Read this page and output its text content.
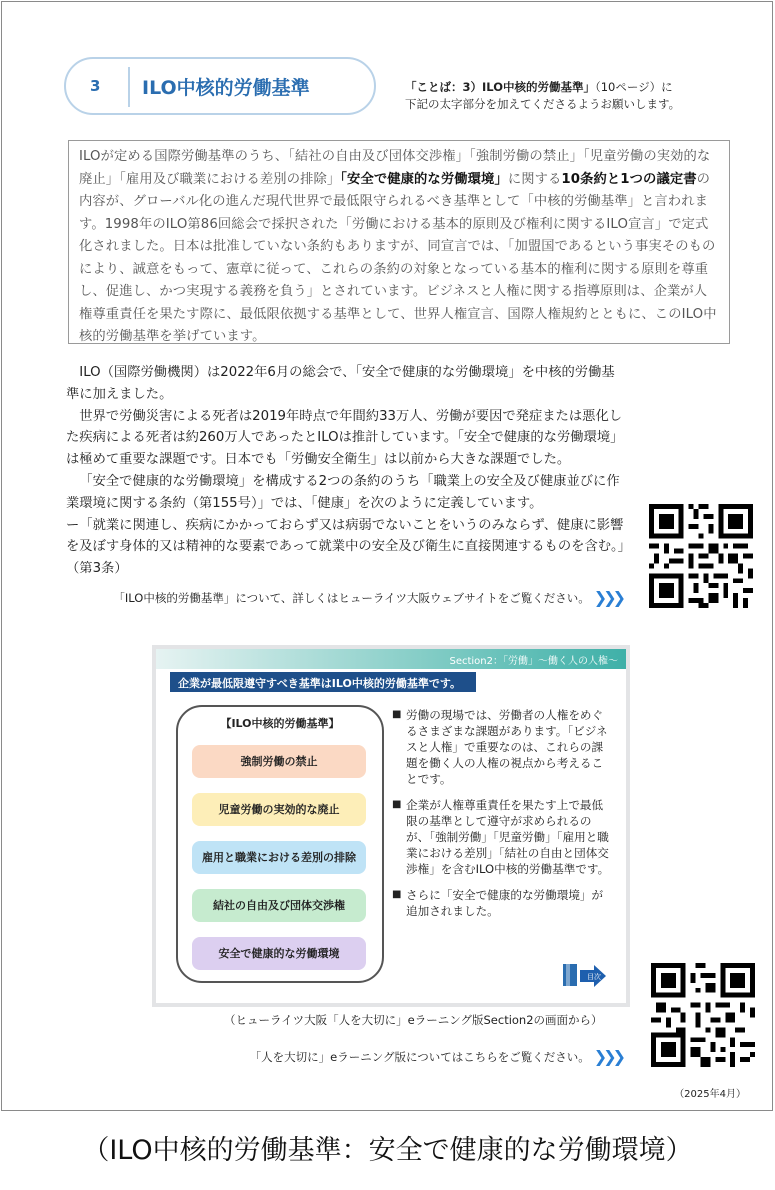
3 ILO中核的労働基準	「ことば：3）ILO中核的労働基準」（10ページ）に
下記の太字部分を加えてくださるようお願いします。
ILOが定める国際労働基準のうち、「結社の自由及び団体交渉権」「強制労働の禁止」「児童労働の実効的な廃止」「雇用及び職業における差別の排除」「安全で健康的な労働環境」に関する10条約と1つの議定書の内容が、グローバル化の進んだ現代世界で最低限守られるべき基準として「中核的労働基準」と言われます。1998年のILO第86回総会で採択された「労働における基本的原則及び権利に関するILO宣言」で定式化されました。日本は批准していない条約もありますが、同宣言では、「加盟国であるという事実そのものにより、誠意をもって、憲章に従って、これらの条約の対象となっている基本的権利に関する原則を尊重し、促進し、かつ実現する義務を負う」とされています。ビジネスと人権に関する指導原則は、企業が人権尊重責任を果たす際に、最低限依拠する基準として、世界人権宣言、国際人権規約とともに、このILO中核的労働基準を挙げています。

ILO（国際労働機関）は2022年6月の総会で、「安全で健康的な労働環境」を中核的労働基準に加えました。

世界で労働災害による死者は2019年時点で年間約33万人、労働が要因で発症または悪化した疾病による死者は約260万人であったとILOは推計しています。「安全で健康的な労働環境」は極めて重要な課題です。日本でも「労働安全衛生」は以前から大きな課題でした。

「安全で健康的な労働環境」を構成する2つの条約のうち「職業上の安全及び健康並びに作業環境に関する条約（第155号）」では、「健康」を次のように定義しています。

ー「就業に関連し、疾病にかかっておらず又は病弱でないことをいうのみならず、健康に影響を及ぼす身体的又は精神的な要素であって就業中の安全及び衛生に直接関連するものを含む。」（第3条）

「ILO中核的労働基準」について、詳しくはヒューライツ大阪ウェブサイトをご覧ください。 ❯❯❯
Section2：「労働」～働く人の人権～
企業が最低限遵守すべき基準はILO中核的労働基準です。
【ILO中核的労働基準】
強制労働の禁止
児童労働の実効的な廃止
雇用と職業における差別の排除
結社の自由及び団体交渉権
安全で健康的な労働環境
■ 労働の現場では、労働者の人権をめぐるさまざまな課題があります。「ビジネスと人権」で重要なのは、これらの課題を働く人の人権の視点から考えることです。
■ 企業が人権尊重責任を果たす上で最低限の基準として遵守が求められるのが、「強制労働」「児童労働」「雇用と職業における差別」「結社の自由と団体交渉権」を含むILO中核的労働基準です。
■ さらに「安全で健康的な労働環境」が追加されました。
目次
（ヒューライツ大阪「人を大切に」eラーニング版Section2の画面から）
「人を大切に」eラーニング版についてはこちらをご覧ください。 ❯❯❯
（2025年4月）
（ILO中核的労働基準：安全で健康的な労働環境）
